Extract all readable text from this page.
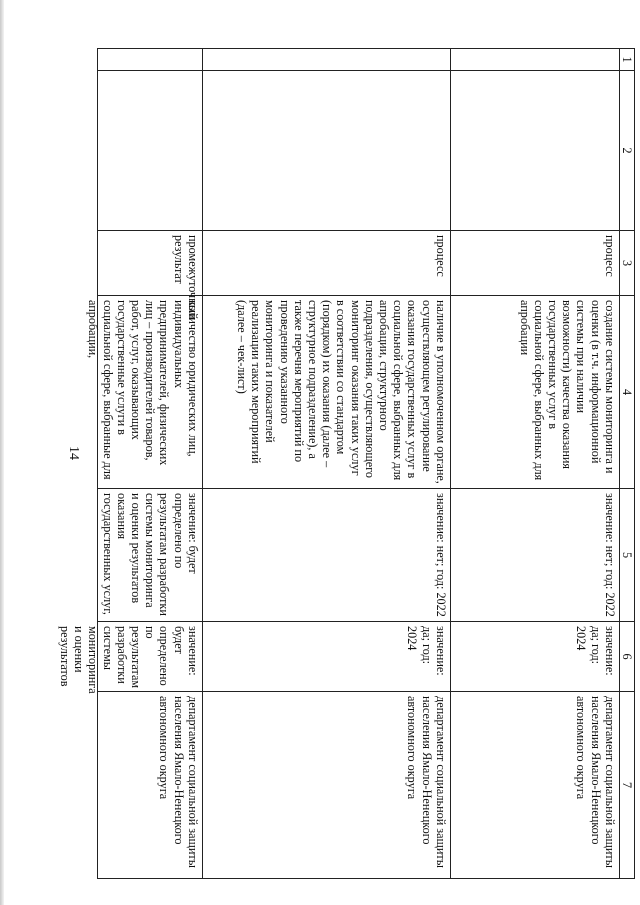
14
1	2	3	4	5	6	7
		процесс	создание системы мониторинга и оценки (в т.ч. информационной системы при наличии возможности) качества оказания государственных услуг в социальной сфере, выбранных для апробации	значение: нет; год: 2022	значение: да; год: 2024	департамент социальной защиты населения Ямало-Ненецкого автономного округа
		процесс	наличие в уполномоченном органе, осуществляющем регулирование оказания государственных услуг в социальной сфере, выбранных для апробации, структурного подразделения, осуществляющего мониторинг оказания таких услуг в соответствии со стандартом (порядком) их оказания (далее – структурное подразделение), а также перечня мероприятий по проведению указанного мониторинга и показателей реализации таких мероприятий (далее – чек-лист)	значение: нет; год: 2022	значение: да; год: 2024	департамент социальной защиты населения Ямало-Ненецкого автономного округа
		промежуточный результат	количество юридических лиц, индивидуальных предпринимателей, физических лиц – производителей товаров, работ, услуг, оказывающих государственные услуги в социальной сфере, выбранные для апробации,	значение: будет определено по результатам разработки системы мониторинга и оценки результатов оказания государственных услуг,	значение: будет определено по результатам разработки системы мониторинга и оценки результатов	департамент социальной защиты населения Ямало-Ненецкого автономного округа
